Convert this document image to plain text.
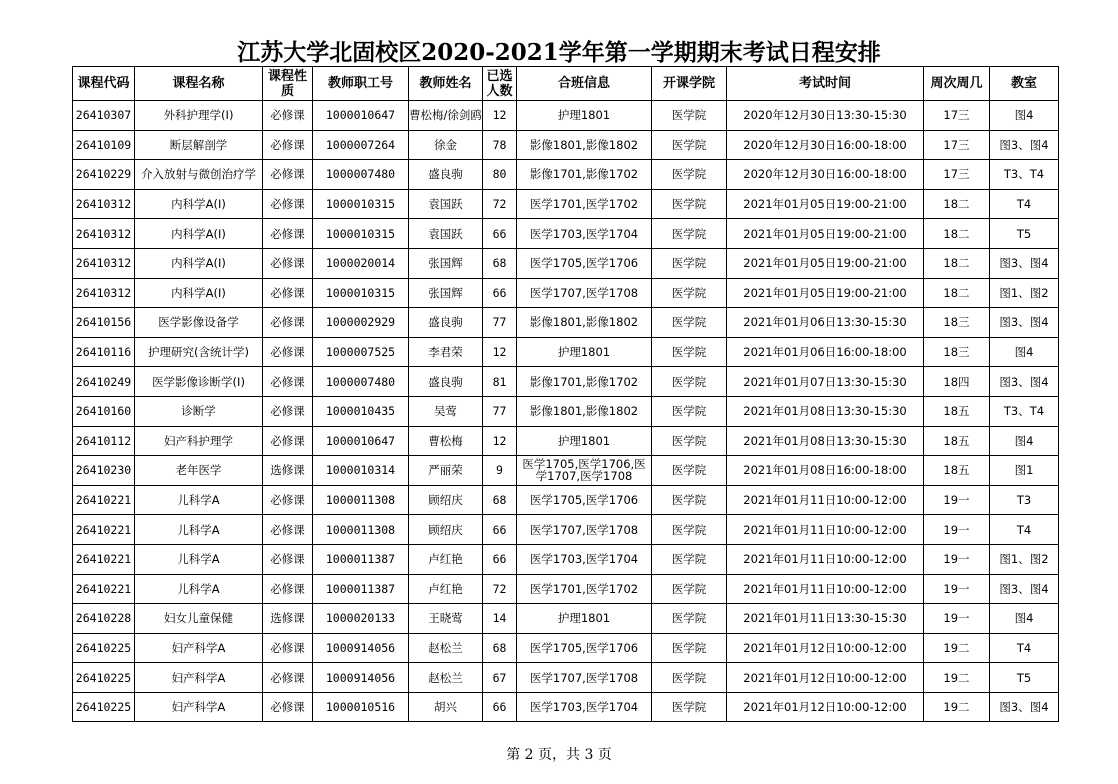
江苏大学北固校区2020-2021学年第一学期期末考试日程安排
课程代码	课程名称	课程性质	教师职工号	教师姓名	已选人数	合班信息	开课学院	考试时间	周次周几	教室
26410307	外科护理学(I)	必修课	1000010647	曹松梅/徐剑鸥	12	护理1801	医学院	2020年12月30日13:30-15:30	17三	图4
26410109	断层解剖学	必修课	1000007264	徐金	78	影像1801,影像1802	医学院	2020年12月30日16:00-18:00	17三	图3、图4
26410229	介入放射与微创治疗学	必修课	1000007480	盛良驹	80	影像1701,影像1702	医学院	2020年12月30日16:00-18:00	17三	T3、T4
26410312	内科学A(I)	必修课	1000010315	袁国跃	72	医学1701,医学1702	医学院	2021年01月05日19:00-21:00	18二	T4
26410312	内科学A(I)	必修课	1000010315	袁国跃	66	医学1703,医学1704	医学院	2021年01月05日19:00-21:00	18二	T5
26410312	内科学A(I)	必修课	1000020014	张国辉	68	医学1705,医学1706	医学院	2021年01月05日19:00-21:00	18二	图3、图4
26410312	内科学A(I)	必修课	1000010315	张国辉	66	医学1707,医学1708	医学院	2021年01月05日19:00-21:00	18二	图1、图2
26410156	医学影像设备学	必修课	1000002929	盛良驹	77	影像1801,影像1802	医学院	2021年01月06日13:30-15:30	18三	图3、图4
26410116	护理研究(含统计学)	必修课	1000007525	李君荣	12	护理1801	医学院	2021年01月06日16:00-18:00	18三	图4
26410249	医学影像诊断学(I)	必修课	1000007480	盛良驹	81	影像1701,影像1702	医学院	2021年01月07日13:30-15:30	18四	图3、图4
26410160	诊断学	必修课	1000010435	吴莺	77	影像1801,影像1802	医学院	2021年01月08日13:30-15:30	18五	T3、T4
26410112	妇产科护理学	必修课	1000010647	曹松梅	12	护理1801	医学院	2021年01月08日13:30-15:30	18五	图4
26410230	老年医学	选修课	1000010314	严丽荣	9	医学1705,医学1706,医学1707,医学1708	医学院	2021年01月08日16:00-18:00	18五	图1
26410221	儿科学A	必修课	1000011308	顾绍庆	68	医学1705,医学1706	医学院	2021年01月11日10:00-12:00	19一	T3
26410221	儿科学A	必修课	1000011308	顾绍庆	66	医学1707,医学1708	医学院	2021年01月11日10:00-12:00	19一	T4
26410221	儿科学A	必修课	1000011387	卢红艳	66	医学1703,医学1704	医学院	2021年01月11日10:00-12:00	19一	图1、图2
26410221	儿科学A	必修课	1000011387	卢红艳	72	医学1701,医学1702	医学院	2021年01月11日10:00-12:00	19一	图3、图4
26410228	妇女儿童保健	选修课	1000020133	王晓莺	14	护理1801	医学院	2021年01月11日13:30-15:30	19一	图4
26410225	妇产科学A	必修课	1000914056	赵松兰	68	医学1705,医学1706	医学院	2021年01月12日10:00-12:00	19二	T4
26410225	妇产科学A	必修课	1000914056	赵松兰	67	医学1707,医学1708	医学院	2021年01月12日10:00-12:00	19二	T5
26410225	妇产科学A	必修课	1000010516	胡兴	66	医学1703,医学1704	医学院	2021年01月12日10:00-12:00	19二	图3、图4
第 2 页，共 3 页
